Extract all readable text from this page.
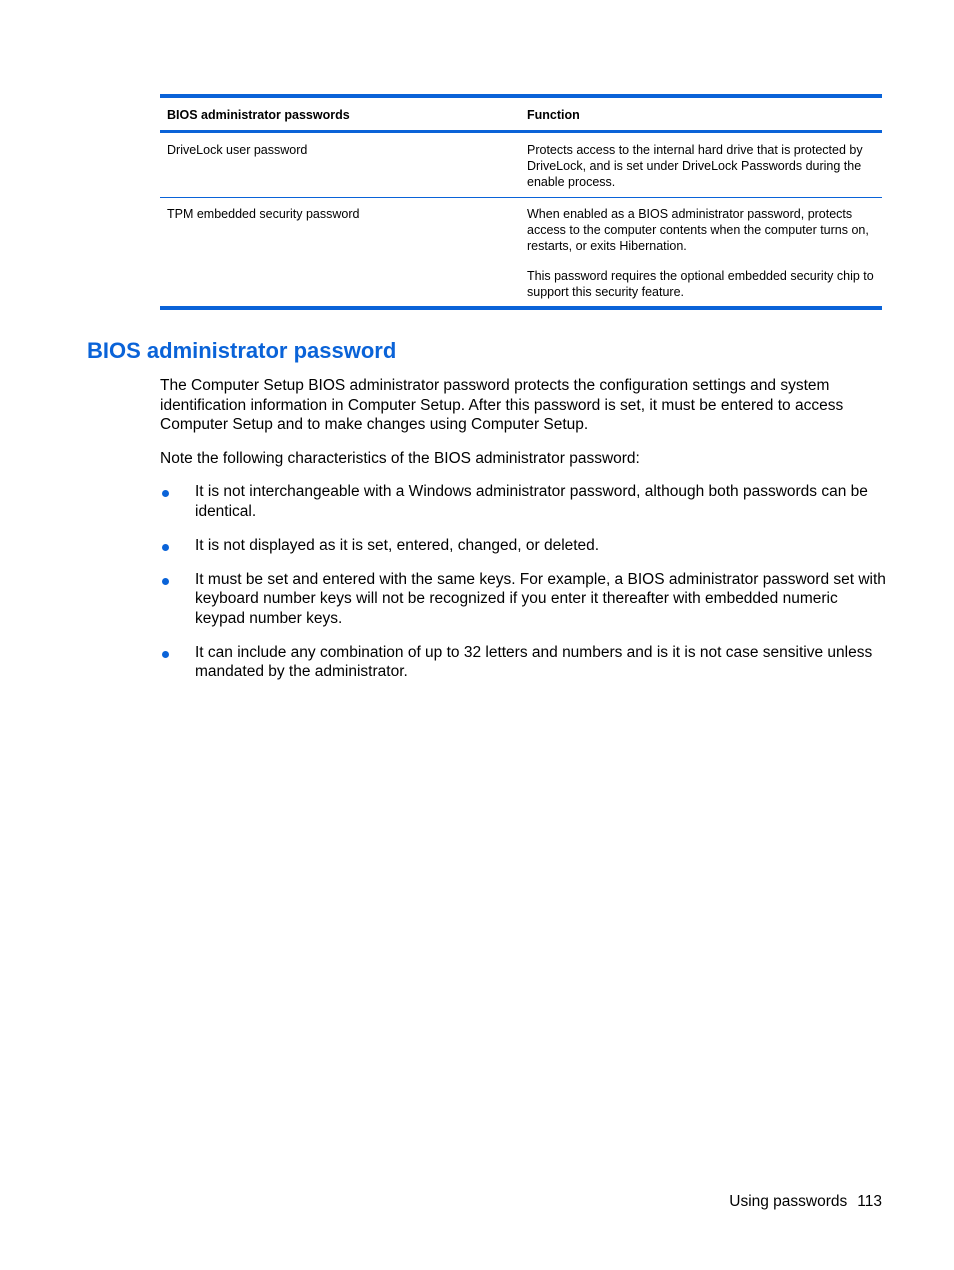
BIOS administrator passwords	Function
DriveLock user password	Protects access to the internal hard drive that is protected by DriveLock, and is set under DriveLock Passwords during the enable process.

TPM embedded security password	When enabled as a BIOS administrator password, protects access to the computer contents when the computer turns on, restarts, or exits Hibernation.

This password requires the optional embedded security chip to support this security feature.

BIOS administrator password

The Computer Setup BIOS administrator password protects the configuration settings and system identification information in Computer Setup. After this password is set, it must be entered to access Computer Setup and to make changes using Computer Setup.

Note the following characteristics of the BIOS administrator password:

It is not interchangeable with a Windows administrator password, although both passwords can be identical.
It is not displayed as it is set, entered, changed, or deleted.
It must be set and entered with the same keys. For example, a BIOS administrator password set with keyboard number keys will not be recognized if you enter it thereafter with embedded numeric keypad number keys.
It can include any combination of up to 32 letters and numbers and is it is not case sensitive unless mandated by the administrator.
Using passwords 113
